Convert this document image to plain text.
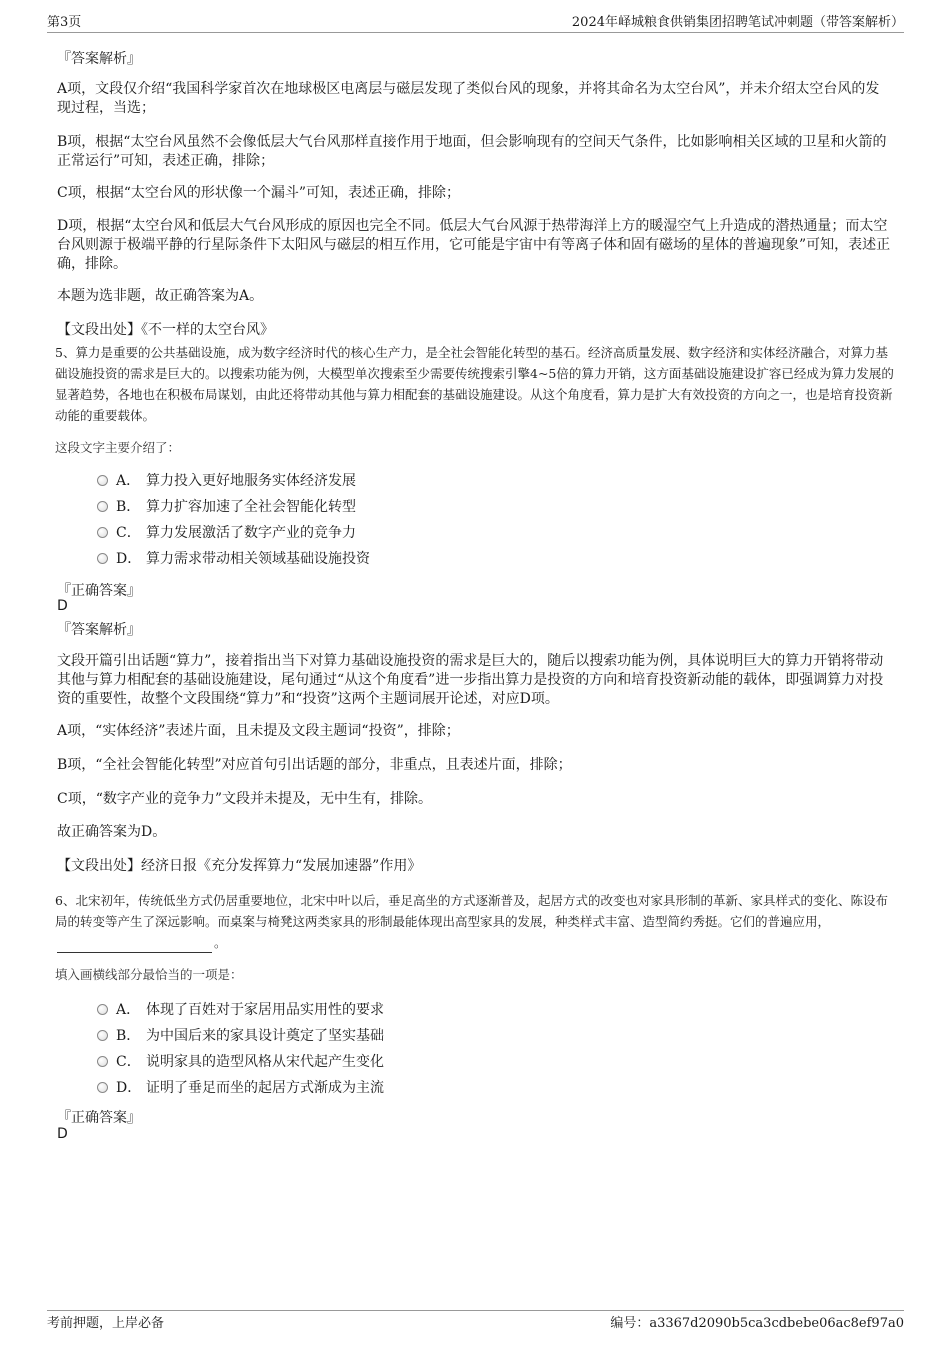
第3页	2024年峄城粮食供销集团招聘笔试冲刺题（带答案解析）
『答案解析』
A项，文段仅介绍“我国科学家首次在地球极区电离层与磁层发现了类似台风的现象，并将其命名为太空台风”，并未介绍太空台风的发现过程，当选；
B项，根据“太空台风虽然不会像低层大气台风那样直接作用于地面，但会影响现有的空间天气条件，比如影响相关区域的卫星和火箭的正常运行”可知，表述正确，排除；
C项，根据“太空台风的形状像一个漏斗”可知，表述正确，排除；
D项，根据“太空台风和低层大气台风形成的原因也完全不同。低层大气台风源于热带海洋上方的暖湿空气上升造成的潜热通量；而太空台风则源于极端平静的行星际条件下太阳风与磁层的相互作用，它可能是宇宙中有等离子体和固有磁场的星体的普遍现象”可知，表述正确，排除。
本题为选非题，故正确答案为A。
【文段出处】《不一样的太空台风》
5、算力是重要的公共基础设施，成为数字经济时代的核心生产力，是全社会智能化转型的基石。经济高质量发展、数字经济和实体经济融合，对算力基础设施投资的需求是巨大的。以搜索功能为例，大模型单次搜索至少需要传统搜索引擎4~5倍的算力开销，这方面基础设施建设扩容已经成为算力发展的显著趋势，各地也在积极布局谋划，由此还将带动其他与算力相配套的基础设施建设。从这个角度看，算力是扩大有效投资的方向之一，也是培育投资新动能的重要载体。
这段文字主要介绍了：
A． 算力投入更好地服务实体经济发展
B． 算力扩容加速了全社会智能化转型
C． 算力发展激活了数字产业的竞争力
D． 算力需求带动相关领域基础设施投资
『正确答案』
D
『答案解析』
文段开篇引出话题“算力”，接着指出当下对算力基础设施投资的需求是巨大的，随后以搜索功能为例，具体说明巨大的算力开销将带动其他与算力相配套的基础设施建设，尾句通过“从这个角度看”进一步指出算力是投资的方向和培育投资新动能的载体，即强调算力对投资的重要性，故整个文段围绕“算力”和“投资”这两个主题词展开论述，对应D项。
A项，“实体经济”表述片面，且未提及文段主题词“投资”，排除；
B项，“全社会智能化转型”对应首句引出话题的部分，非重点，且表述片面，排除；
C项，“数字产业的竞争力”文段并未提及，无中生有，排除。
故正确答案为D。
【文段出处】经济日报《充分发挥算力“发展加速器”作用》
6、北宋初年，传统低坐方式仍居重要地位，北宋中叶以后，垂足高坐的方式逐渐普及，起居方式的改变也对家具形制的革新、家具样式的变化、陈设布局的转变等产生了深远影响。而桌案与椅凳这两类家具的形制最能体现出高型家具的发展，种类样式丰富、造型简约秀挺。它们的普遍应用，。
填入画横线部分最恰当的一项是：
A． 体现了百姓对于家居用品实用性的要求
B． 为中国后来的家具设计奠定了坚实基础
C． 说明家具的造型风格从宋代起产生变化
D． 证明了垂足而坐的起居方式渐成为主流
『正确答案』
D
考前押题，上岸必备	编号：a3367d2090b5ca3cdbebe06ac8ef97a0
